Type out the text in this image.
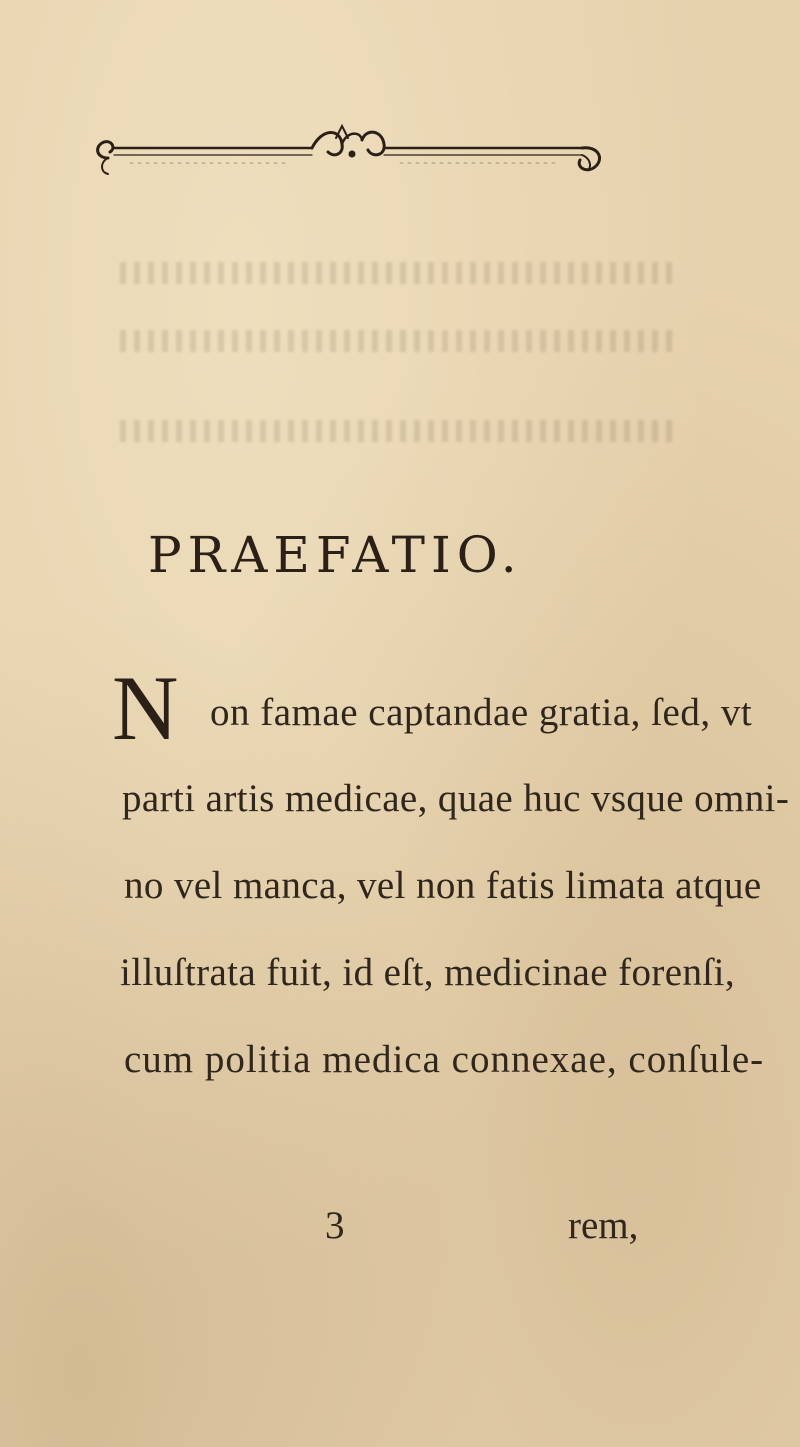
PRAEFATIO.
N on famae captandae gratia, ſed, vt
parti artis medicae, quae huc vsque omni-
no vel manca, vel non fatis limata atque
illuſtrata fuit, id eſt, medicinae forenſi,
cum politia medica connexae, conſule-
3	rem,
